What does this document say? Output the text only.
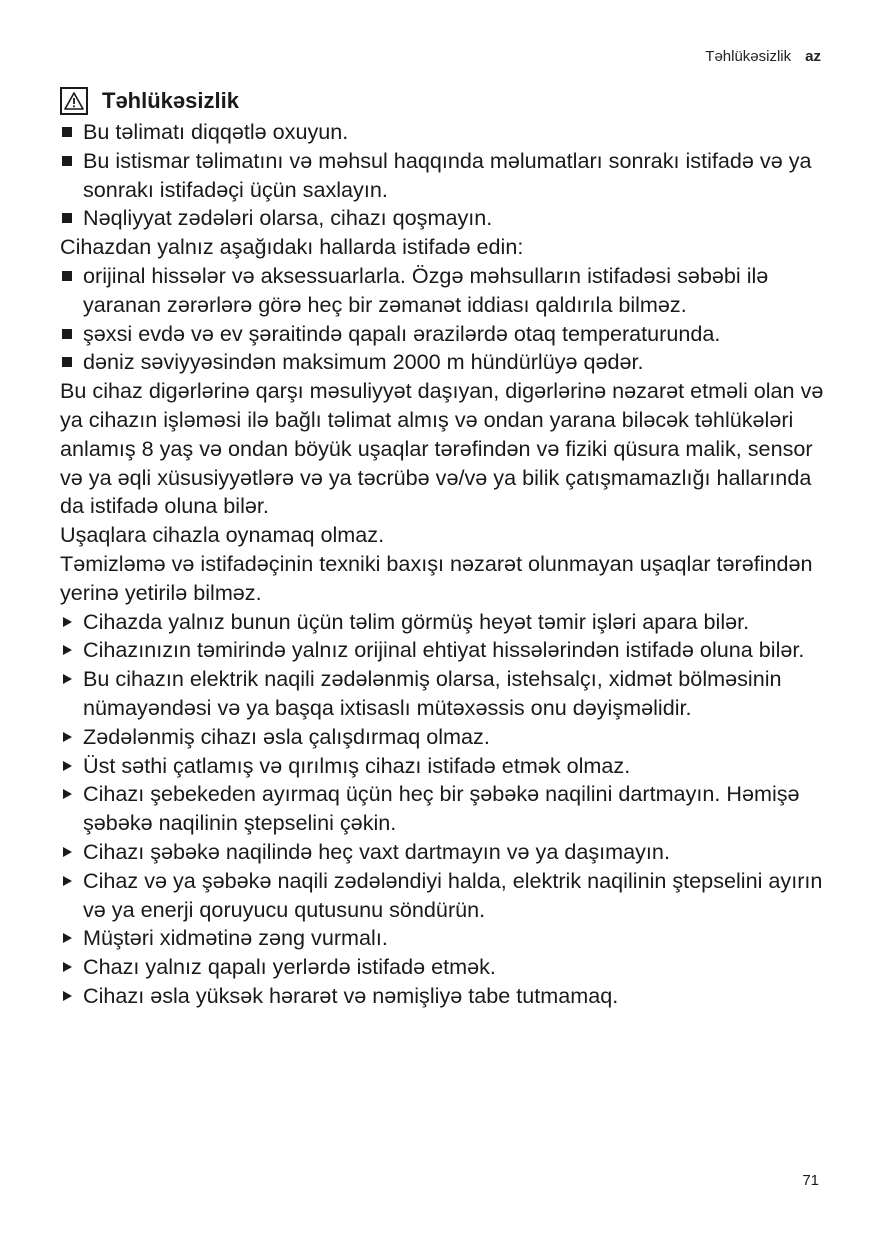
Təhlükəsizlik az
Təhlükəsizlik
Bu təlimatı diqqətlə oxuyun.
Bu istismar təlimatını və məhsul haqqında məlumatları sonrakı istifadə və ya sonrakı istifadəçi üçün saxlayın.
Nəqliyyat zədələri olarsa, cihazı qoşmayın.
Cihazdan yalnız aşağıdakı hallarda istifadə edin:
orijinal hissələr və aksessuarlarla. Özgə məhsulların istifadəsi səbəbi ilə yaranan zərərlərə görə heç bir zəmanət iddiası qaldırıla bilməz.
şəxsi evdə və ev şəraitində qapalı ərazilərdə otaq temperaturunda.
dəniz səviyyəsindən maksimum 2000 m hündürlüyə qədər.
Bu cihaz digərlərinə qarşı məsuliyyət daşıyan, digərlərinə nəzarət etməli olan və ya cihazın işləməsi ilə bağlı təlimat almış və ondan yarana biləcək təhlükələri anlamış 8 yaş və ondan böyük uşaqlar tərəfindən və fiziki qüsura malik, sensor və ya əqli xüsusiyyətlərə və ya təcrübə və/və ya bilik çatışmamazlığı hallarında da istifadə oluna bilər.
Uşaqlara cihazla oynamaq olmaz.
Təmizləmə və istifadəçinin texniki baxışı nəzarət olunmayan uşaqlar tərəfindən yerinə yetirilə bilməz.
Cihazda yalnız bunun üçün təlim görmüş heyət təmir işləri apara bilər.
Cihazınızın təmirində yalnız orijinal ehtiyat hissələrindən istifadə oluna bilər.
Bu cihazın elektrik naqili zədələnmiş olarsa, istehsalçı, xidmət bölməsinin nümayəndəsi və ya başqa ixtisaslı mütəxəssis onu dəyişməlidir.
Zədələnmiş cihazı əsla çalışdırmaq olmaz.
Üst səthi çatlamış və qırılmış cihazı istifadə etmək olmaz.
Cihazı şebekeden ayırmaq üçün heç bir şəbəkə naqilini dartmayın. Həmişə şəbəkə naqilinin ştepselini çəkin.
Cihazı şəbəkə naqilində heç vaxt dartmayın və ya daşımayın.
Cihaz və ya şəbəkə naqili zədələndiyi halda, elektrik naqilinin ştepselini ayırın və ya enerji qoruyucu qutusunu söndürün.
Müştəri xidmətinə zəng vurmalı.
Chazı yalnız qapalı yerlərdə istifadə etmək.
Cihazı əsla yüksək hərarət və nəmişliyə tabe tutmamaq.
71
